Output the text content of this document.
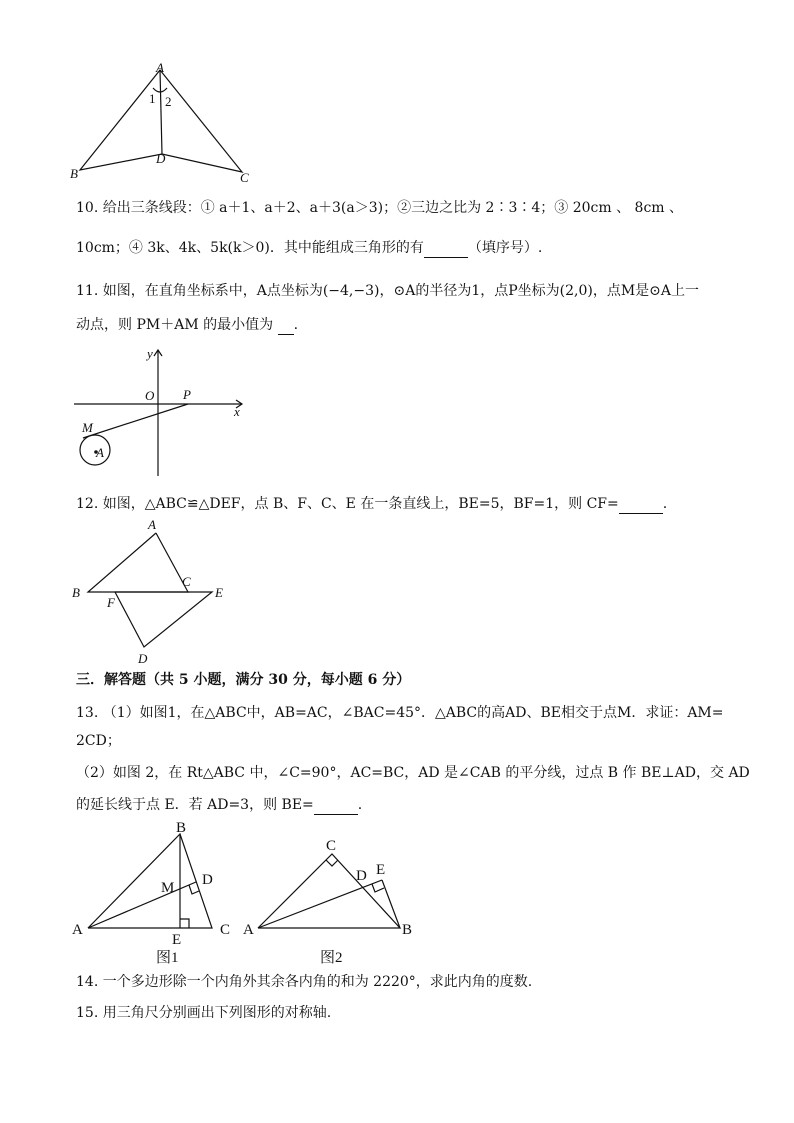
A
1 2
B
D
C
10. 给出三条线段：① a＋1、a＋2、a＋3(a＞3)；②三边之比为 2∶3∶4；③ 20cm 、 8cm 、
10cm；④ 3k、4k、5k(k＞0)．其中能组成三角形的有	（填序号）.
11. 如图，在直角坐标系中，A点坐标为(−4,−3)，⊙A的半径为1，点P坐标为(2,0)，点M是⊙A上一
动点，则 PM＋AM 的最小值为 .
y
x
O P
M
A
12. 如图，△ABC≌△DEF，点 B、F、C、E 在一条直线上，BE=5，BF=1，则 CF=	.
A
B
C
E
F
D
三．解答题（共 5 小题，满分 30 分，每小题 6 分）
13. （1）如图1，在△ABC中，AB=AC，∠BAC=45°．△ABC的高AD、BE相交于点M．求证：AM=
2CD；
（2）如图 2，在 Rt△ABC 中，∠C=90°，AC=BC，AD 是∠CAB 的平分线，过点 B 作 BE⊥AD，交 AD
的延长线于点 E．若 AD=3，则 BE=	.
B
M D
A	C
E
图1
C
D E
A	B
图2
14. 一个多边形除一个内角外其余各内角的和为 2220°，求此内角的度数.
15. 用三角尺分别画出下列图形的对称轴.
